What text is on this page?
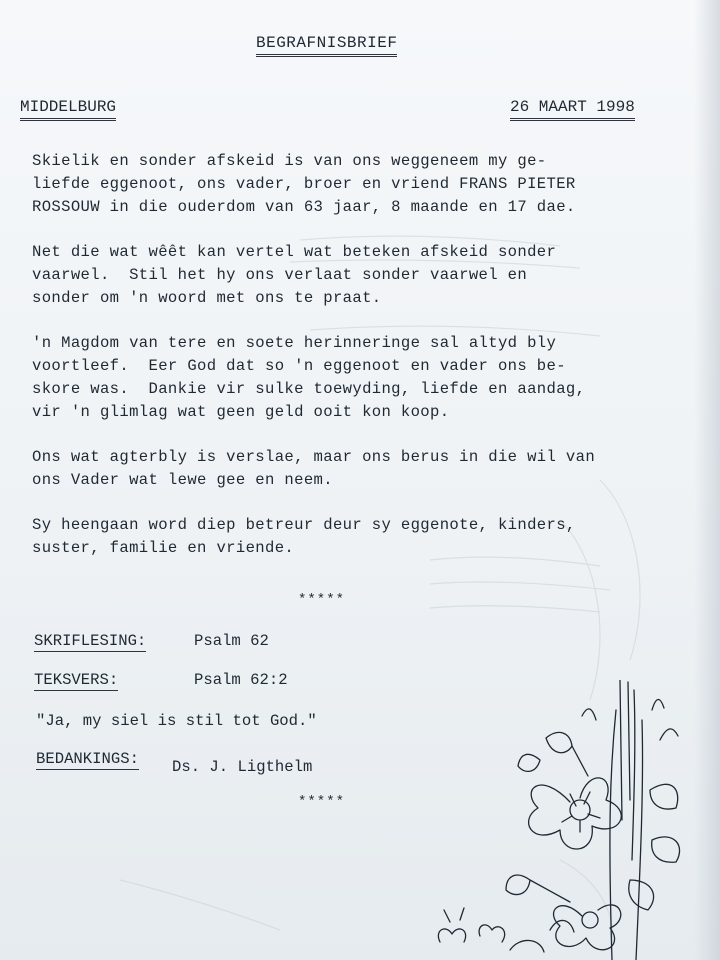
BEGRAFNISBRIEF
MIDDELBURG	26 MAART 1998

Skielik en sonder afskeid is van ons weggeneem my ge-
liefde eggenoot, ons vader, broer en vriend FRANS PIETER
ROSSOUW in die ouderdom van 63 jaar, 8 maande en 17 dae.

Net die wat wêêt kan vertel wat beteken afskeid sonder
vaarwel.  Stil het hy ons verlaat sonder vaarwel en
sonder om 'n woord met ons te praat.

'n Magdom van tere en soete herinneringe sal altyd bly
voortleef.  Eer God dat so 'n eggenoot en vader ons be-
skore was.  Dankie vir sulke toewyding, liefde en aandag,
vir 'n glimlag wat geen geld ooit kon koop.

Ons wat agterbly is verslae, maar ons berus in die wil van
ons Vader wat lewe gee en neem.

Sy heengaan word diep betreur deur sy eggenote, kinders,
suster, familie en vriende.

*****
SKRIFLESING:	Psalm 62
TEKSVERS:	Psalm 62:2
"Ja, my siel is stil tot God."
BEDANKINGS: Ds. J. Ligthelm
*****
